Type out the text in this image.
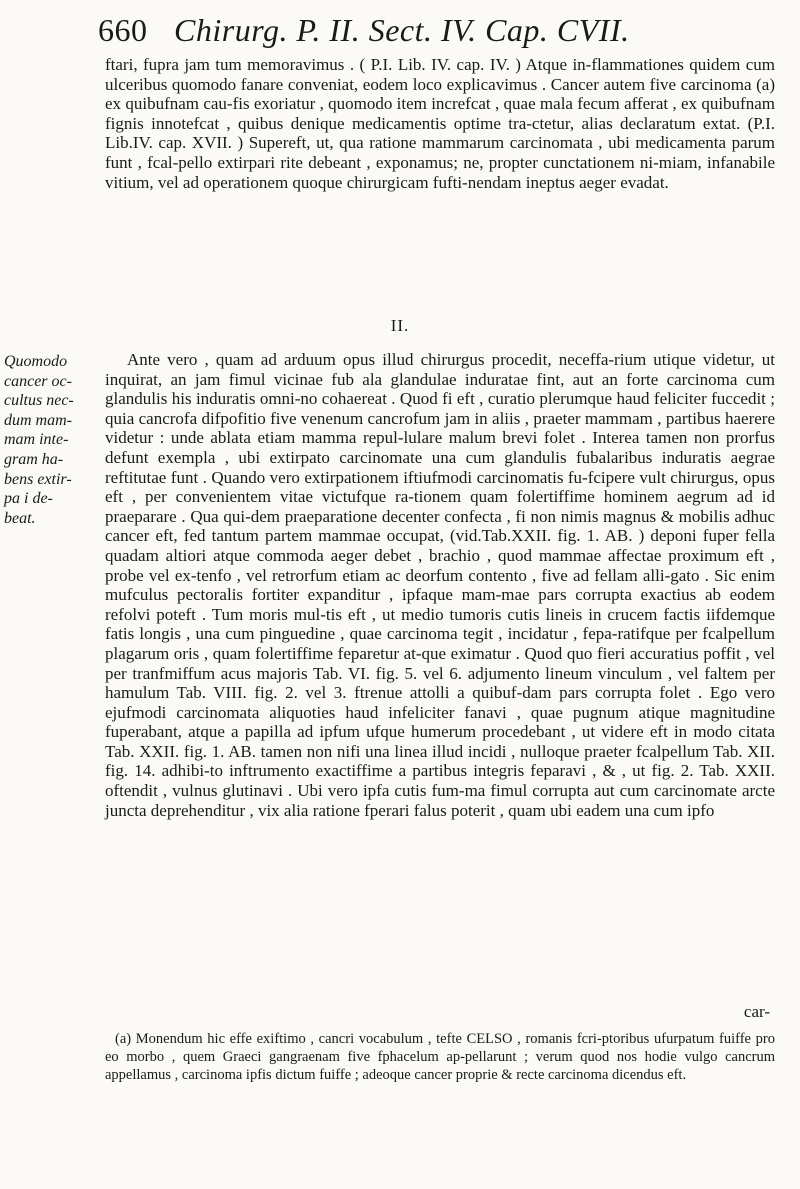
660 Chirurg. P. II. Sect. IV. Cap. CVII.

ftari, fupra jam tum memoravimus . ( P.I. Lib. IV. cap. IV. ) Atque in-flammationes quidem cum ulceribus quomodo fanare conveniat, eodem loco explicavimus . Cancer autem five carcinoma (a) ex quibufnam cau-fis exoriatur , quomodo item increfcat , quae mala fecum afferat , ex quibufnam fignis innotefcat , quibus denique medicamentis optime tra-ctetur, alias declaratum extat. (P.I. Lib.IV. cap. XVII. ) Supereft, ut, qua ratione mammarum carcinomata , ubi medicamenta parum funt , fcal-pello extirpari rite debeant , exponamus; ne, propter cunctationem ni-miam, infanabile vitium, vel ad operationem quoque chirurgicam fufti-nendam ineptus aeger evadat.

II.
Quomodo
cancer oc-
cultus nec-
dum mam-
mam inte-
gram ha-
bens extir-
pa i de-
beat.

Ante vero , quam ad arduum opus illud chirurgus procedit, neceffa-rium utique videtur, ut inquirat, an jam fimul vicinae fub ala glandulae induratae fint, aut an forte carcinoma cum glandulis his induratis omni-no cohaereat . Quod fi eft , curatio plerumque haud feliciter fuccedit ; quia cancrofa difpofitio five venenum cancrofum jam in aliis , praeter mammam , partibus haerere videtur : unde ablata etiam mamma repul-lulare malum brevi folet . Interea tamen non prorfus defunt exempla , ubi extirpato carcinomate una cum glandulis fubalaribus induratis aegrae reftitutae funt . Quando vero extirpationem iftiufmodi carcinomatis fu-fcipere vult chirurgus, opus eft , per convenientem vitae victufque ra-tionem quam folertiffime hominem aegrum ad id praeparare . Qua qui-dem praeparatione decenter confecta , fi non nimis magnus & mobilis adhuc cancer eft, fed tantum partem mammae occupat, (vid.Tab.XXII. fig. 1. AB. ) deponi fuper fella quadam altiori atque commoda aeger debet , brachio , quod mammae affectae proximum eft , probe vel ex-tenfo , vel retrorfum etiam ac deorfum contento , five ad fellam alli-gato . Sic enim mufculus pectoralis fortiter expanditur , ipfaque mam-mae pars corrupta exactius ab eodem refolvi poteft . Tum moris mul-tis eft , ut medio tumoris cutis lineis in crucem factis iifdemque fatis longis , una cum pinguedine , quae carcinoma tegit , incidatur , fepa-ratifque per fcalpellum plagarum oris , quam folertiffime feparetur at-que eximatur . Quod quo fieri accuratius poffit , vel per tranfmiffum acus majoris Tab. VI. fig. 5. vel 6. adjumento lineum vinculum , vel faltem per hamulum Tab. VIII. fig. 2. vel 3. ftrenue attolli a quibuf-dam pars corrupta folet . Ego vero ejufmodi carcinomata aliquoties haud infeliciter fanavi , quae pugnum atique magnitudine fuperabant, atque a papilla ad ipfum ufque humerum procedebant , ut videre eft in modo citata Tab. XXII. fig. 1. AB. tamen non nifi una linea illud incidi , nulloque praeter fcalpellum Tab. XII. fig. 14. adhibi-to inftrumento exactiffime a partibus integris feparavi , & , ut fig. 2. Tab. XXII. oftendit , vulnus glutinavi . Ubi vero ipfa cutis fum-ma fimul corrupta aut cum carcinomate arcte juncta deprehenditur , vix alia ratione fperari falus poterit , quam ubi eadem una cum ipfo

car-

(a) Monendum hic effe exiftimo , cancri vocabulum , tefte CELSO , romanis fcri-ptoribus ufurpatum fuiffe pro eo morbo , quem Graeci gangraenam five fphacelum ap-pellarunt ; verum quod nos hodie vulgo cancrum appellamus , carcinoma ipfis dictum fuiffe ; adeoque cancer proprie & recte carcinoma dicendus eft.
